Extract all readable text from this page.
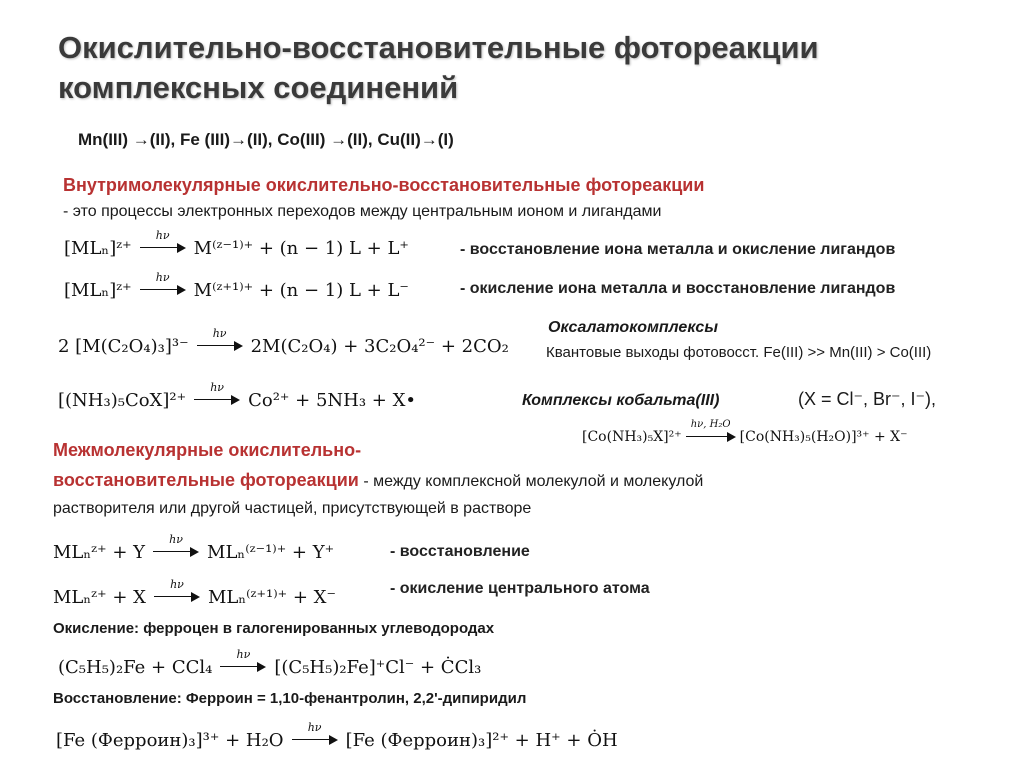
Окислительно-восстановительные фотореакции
комплексных соединений
Mn(III) →(II), Fe (III)→(II), Co(III) →(II), Cu(II)→(I)
Внутримолекулярные окислительно-восстановительные фотореакции
- это процессы электронных переходов между центральным ионом и лигандами
[MLₙ]ᶻ⁺
hν
M⁽ᶻ⁻¹⁾⁺ + (n − 1) L + L⁺	- восстановление иона металла и окисление лигандов
[MLₙ]ᶻ⁺
hν
M⁽ᶻ⁺¹⁾⁺ + (n − 1) L + L⁻	- окисление иона металла и восстановление лигандов
2 [M(C₂O₄)₃]³⁻
hν
2M(C₂O₄) + 3C₂O₄²⁻ + 2CO₂
Оксалатокомплексы
Квантовые выходы фотовосст. Fe(III) >> Mn(III) > Co(III)
[(NH₃)₅CoX]²⁺
hν
Co²⁺ + 5NH₃ + X•	Комплексы кобальта(III)	(X = Cl⁻, Br⁻, I⁻),
[Co(NH₃)₅X]²⁺
hν, H₂O
[Co(NH₃)₅(H₂O)]³⁺ + X⁻
Межмолекулярные окислительно-
восстановительные фотореакции - между комплексной молекулой и молекулой
растворителя или другой частицей, присутствующей в растворе
MLₙᶻ⁺ + Y
hν
MLₙ⁽ᶻ⁻¹⁾⁺ + Y⁺	- восстановление
MLₙᶻ⁺ + X
hν
MLₙ⁽ᶻ⁺¹⁾⁺ + X⁻	- окисление центрального атома
Окисление: ферроцен в галогенированных углеводородах
(C₅H₅)₂Fe + CCl₄
hν
[(C₅H₅)₂Fe]⁺Cl⁻ + ĊCl₃
Восстановление: Ферроин = 1,10-фенантролин, 2,2'-дипиридил
[Fe (Ферроин)₃]³⁺ + H₂O
hν
[Fe (Ферроин)₃]²⁺ + H⁺ + ȮH
